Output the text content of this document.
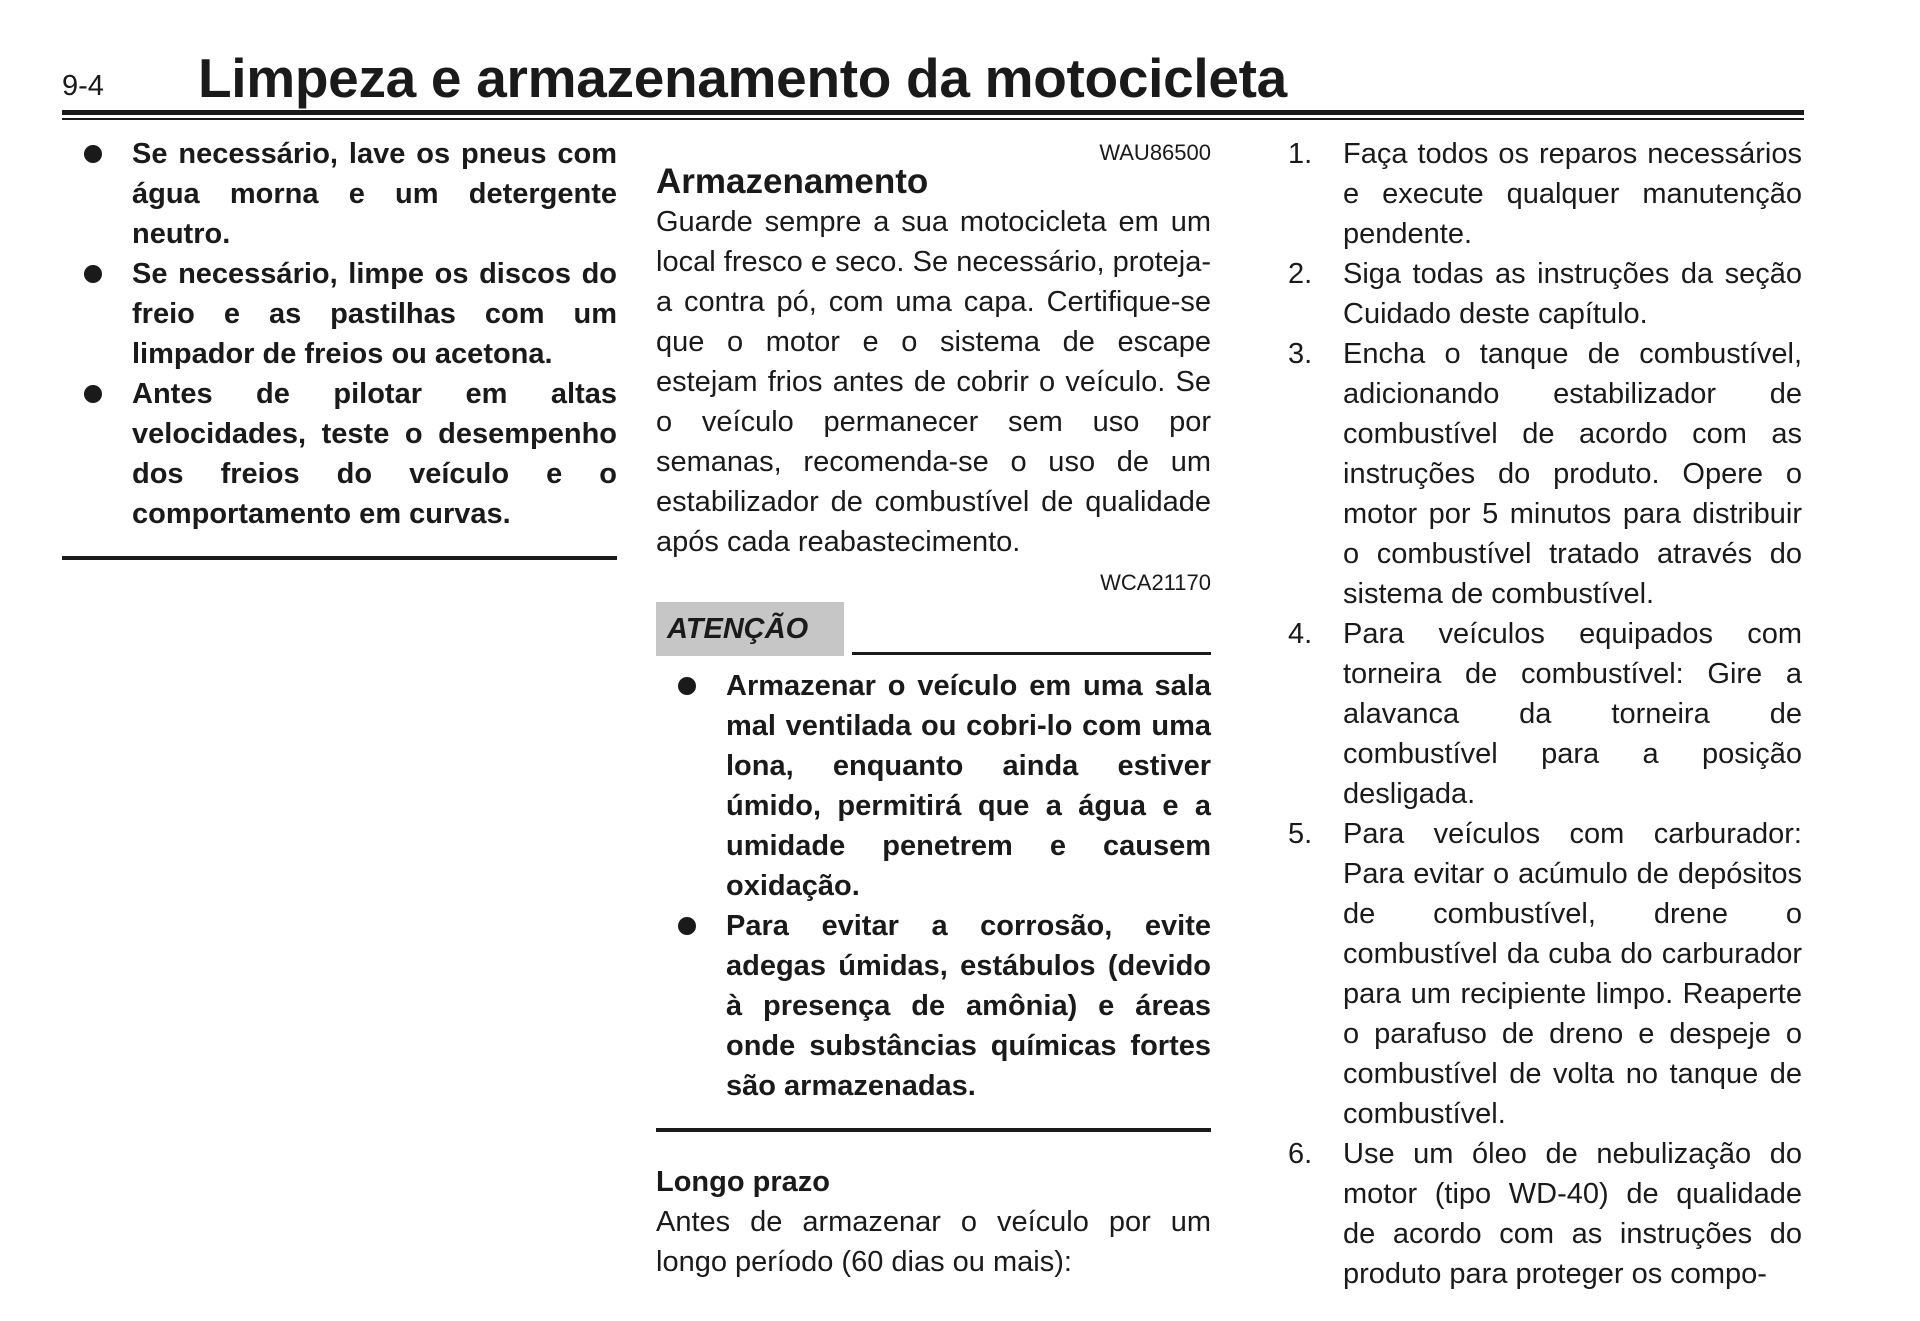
9-4 Limpeza e armazenamento da motocicleta

Se necessário, lave os pneus com água morna e um detergente neutro.

Se necessário, limpe os discos do freio e as pastilhas com um limpador de freios ou acetona.

Antes de pilotar em altas velocidades, teste o desempenho dos freios do veículo e o comportamento em curvas.

WAU86500
Armazenamento

Guarde sempre a sua motocicleta em um local fresco e seco. Se necessário, proteja-a contra pó, com uma capa. Certifique-se que o motor e o sistema de escape estejam frios antes de cobrir o veículo. Se o veículo permanecer sem uso por semanas, recomenda-se o uso de um estabilizador de combustível de qualidade após cada reabastecimento.

WCA21170
ATENÇÃO

Armazenar o veículo em uma sala mal ventilada ou cobri-lo com uma lona, enquanto ainda estiver úmido, permitirá que a água e a umidade penetrem e causem oxidação.

Para evitar a corrosão, evite adegas úmidas, estábulos (devido à presença de amônia) e áreas onde substâncias químicas fortes são armazenadas.

Longo prazo

Antes de armazenar o veículo por um longo período (60 dias ou mais):

1.	Faça todos os reparos necessários e execute qualquer manutenção pendente.

2.	Siga todas as instruções da seção Cuidado deste capítulo.

3.	Encha o tanque de combustível, adicionando estabilizador de combustível de acordo com as instruções do produto. Opere o motor por 5 minutos para distribuir o combustível tratado através do sistema de combustível.

4.	Para veículos equipados com torneira de combustível: Gire a alavanca da torneira de combustível para a posição desligada.

5.	Para veículos com carburador: Para evitar o acúmulo de depósitos de combustível, drene o combustível da cuba do carburador para um recipiente limpo. Reaperte o parafuso de dreno e despeje o combustível de volta no tanque de combustível.

6.	Use um óleo de nebulização do motor (tipo WD-40) de qualidade de acordo com as instruções do produto para proteger os compo-
